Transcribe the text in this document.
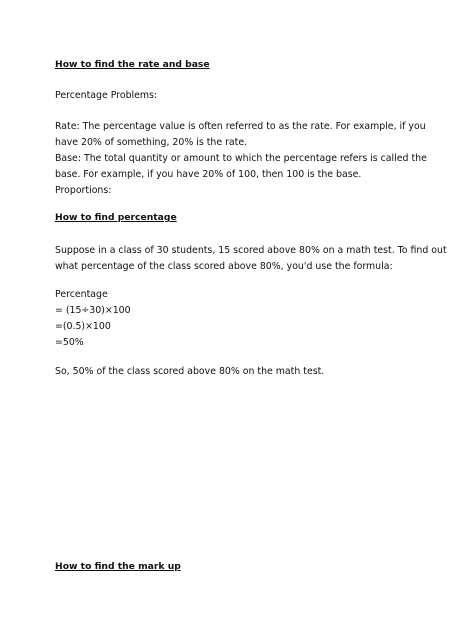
How to find the rate and base
Percentage Problems:
Rate: The percentage value is often referred to as the rate. For example, if you
have 20% of something, 20% is the rate.
Base: The total quantity or amount to which the percentage refers is called the
base. For example, if you have 20% of 100, then 100 is the base.
Proportions:
How to find percentage
Suppose in a class of 30 students, 15 scored above 80% on a math test. To find out
what percentage of the class scored above 80%, you'd use the formula:
Percentage
= (15÷30)×100
=(0.5)×100
=50%
So, 50% of the class scored above 80% on the math test.
How to find the mark up
